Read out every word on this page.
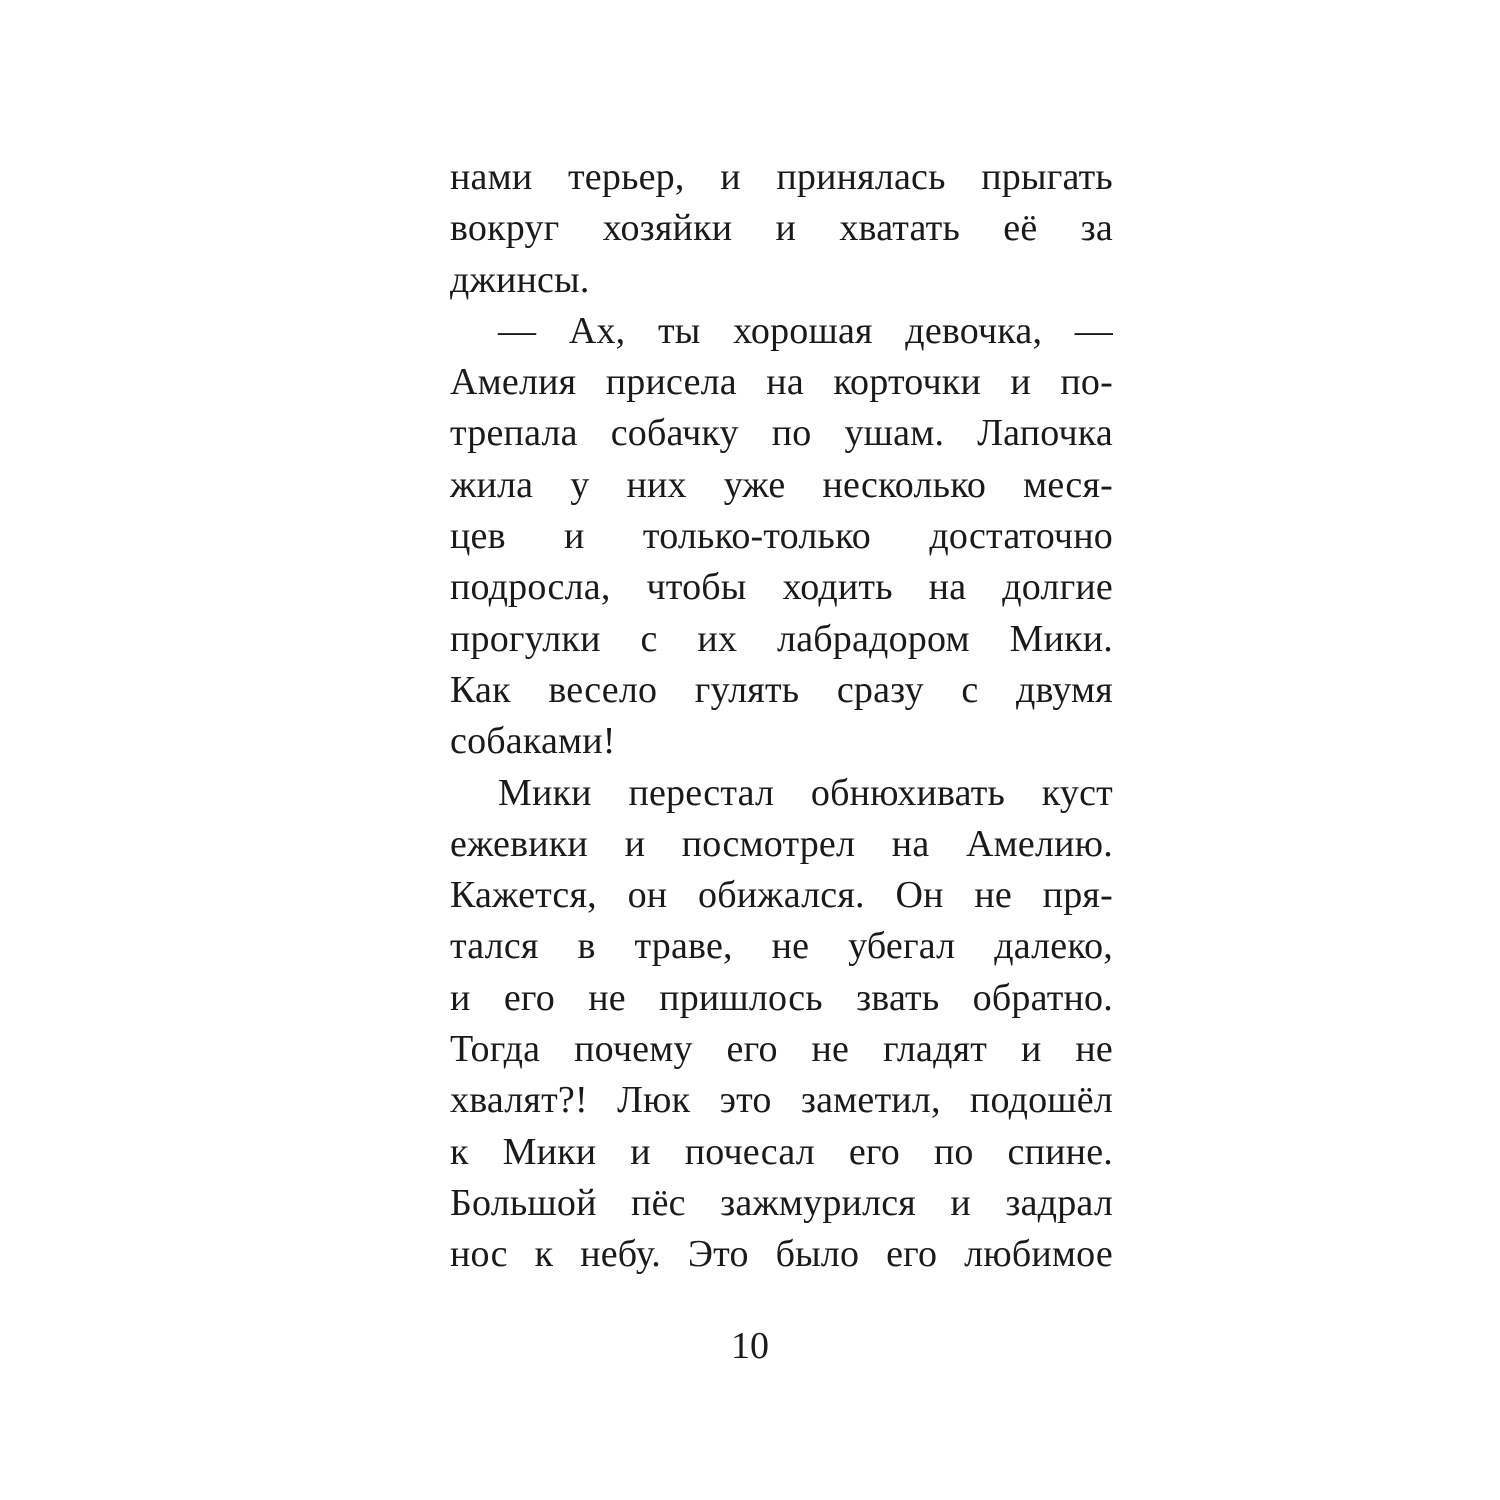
нами терьер, и принялась прыгать
вокруг хозяйки и хватать её за
джинсы.
— Ах, ты хорошая девочка, —
Амелия присела на корточки и по-
трепала собачку по ушам. Лапочка
жила у них уже несколько меся-
цев и только-только достаточно
подросла, чтобы ходить на долгие
прогулки с их лабрадором Мики.
Как весело гулять сразу с двумя
собаками!
Мики перестал обнюхивать куст
ежевики и посмотрел на Амелию.
Кажется, он обижался. Он не пря-
тался в траве, не убегал далеко,
и его не пришлось звать обратно.
Тогда почему его не гладят и не
хвалят?! Люк это заметил, подошёл
к Мики и почесал его по спине.
Большой пёс зажмурился и задрал
нос к небу. Это было его любимое
10
